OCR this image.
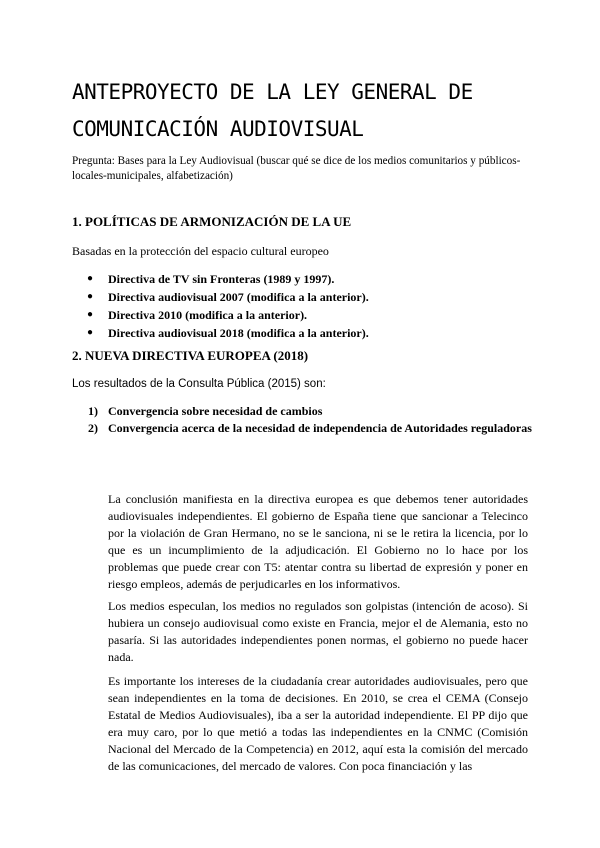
ANTEPROYECTO DE LA LEY GENERAL DE COMUNICACIÓN AUDIOVISUAL

Pregunta: Bases para la Ley Audiovisual (buscar qué se dice de los medios comunitarios y públicos-locales-municipales, alfabetización)

1. POLÍTICAS DE ARMONIZACIÓN DE LA UE

Basadas en la protección del espacio cultural europeo

● Directiva de TV sin Fronteras (1989 y 1997).
● Directiva audiovisual 2007 (modifica a la anterior).
● Directiva 2010 (modifica a la anterior).
● Directiva audiovisual 2018 (modifica a la anterior).
2. NUEVA DIRECTIVA EUROPEA (2018)

Los resultados de la Consulta Pública (2015) son:

1) Convergencia sobre necesidad de cambios
2) Convergencia acerca de la necesidad de independencia de Autoridades reguladoras

La conclusión manifiesta en la directiva europea es que debemos tener autoridades audiovisuales independientes. El gobierno de España tiene que sancionar a Telecinco por la violación de Gran Hermano, no se le sanciona, ni se le retira la licencia, por lo que es un incumplimiento de la adjudicación. El Gobierno no lo hace por los problemas que puede crear con T5: atentar contra su libertad de expresión y poner en riesgo empleos, además de perjudicarles en los informativos.

Los medios especulan, los medios no regulados son golpistas (intención de acoso). Si hubiera un consejo audiovisual como existe en Francia, mejor el de Alemania, esto no pasaría. Si las autoridades independientes ponen normas, el gobierno no puede hacer nada.

Es importante los intereses de la ciudadanía crear autoridades audiovisuales, pero que sean independientes en la toma de decisiones. En 2010, se crea el CEMA (Consejo Estatal de Medios Audiovisuales), iba a ser la autoridad independiente. El PP dijo que era muy caro, por lo que metió a todas las independientes en la CNMC (Comisión Nacional del Mercado de la Competencia) en 2012, aquí esta la comisión del mercado de las comunicaciones, del mercado de valores. Con poca financiación y las
